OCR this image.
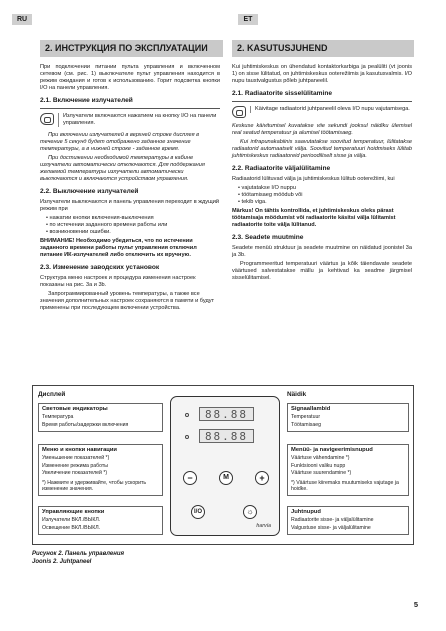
RU	ET
2. ИНСТРУКЦИЯ ПО ЭКСПЛУАТАЦИИ	2. KASUTUSJUHEND

При подключении питании пульта управления и включенном сетевом (см. рис. 1) выключателе пульт управления находится в режим ожидания и готов к использованию. Горит подсветка кнопки I/O на панели управления.

2.1. Включение излучателей
Излучатели включаются нажатием на кнопку I/O на панели управления.

При включении излучателей в верхней строке дисплея в течение 5 секунд будет отображено заданное значение температуры, а в нижней строке - заданное время.

При достижении необходимой температуры в кабине излучатели автоматически отключаются. Для поддержания желаемой температуры излучатели автоматически выключаются и включаются устройством управления.

2.2. Выключение излучателей

Излучатели выключаются и панель управления переходит в ждущий режим при

• нажатии кнопки включения-выключения
• по истечении заданного времени работы или
• возникновении ошибки.

ВНИМАНИЕ! Необходимо убедиться, что по истечении заданного времени работы пульт управления отключил питание ИК-излучателей либо отключить их вручную.

2.3. Изменение заводских установок

Структура меню настроек и процедура изменения настроек показаны на рис. 3а и 3b.

Запрограммированный уровень температуры, а также все значения дополнительных настроек сохраняются в памяти и будут применены при последующем включении устройства.

Kui juhtimiskeskus on ühendatud kontaktorkarbiga ja pealüliti (vt joonis 1) on sisse lülitatud, on juhtimiskeskus ooterežiimis ja kasutusvalmis. I/O nupu taustvalgustus põleb juhtpaneelil.

2.1. Radiaatorite sisselülitamine
Käivitage radiaatorid juhtpaneelil oleva I/O nupu vajutamisega.

Keskuse käivitumisel kuvatakse viie sekundi jooksul näidiku ülemisel real seatud temperatuur ja alumisel töötamisaeg.

Kui infrapunakabiinis saavutatakse soovitud temperatuur, lülitatakse radiaatorid automaatselt välja. Soovitud temperatuuri hoidmiseks lülitab juhtimiskeskus radiaatoreid perioodiliselt sisse ja välja.

2.2. Radiaatorite väljalülitamine

Radiaatorid lülituvad välja ja juhtimiskeskus lülitub ooterežiimi, kui

• vajutatakse I/O nuppu
• töötamisaeg möödub või
• tekib viga.

Märkus! On tähtis kontrollida, et juhtimiskeskus oleks pärast töötamisaja möödumist või radiaatorite käsitsi välja lülitamist radiaatorite toite välja lülitanud.

2.3. Seadete muutmine

Seadete menüü struktuur ja seadete muutmine on näidatud joonistel 3a ja 3b.

Programmeeritud temperatuuri väärtus ja kõik täiendavate seadete väärtused salvestatakse mällu ja kehtivad ka seadme järgmisel sisselülitamisel.

Дисплей
Световые индикаторы
Температура
Время работы/задержки включения
Меню и кнопки навигации
Уменьшение показателей *)
Изменение режима работы
Увеличение показателей *)
*) Нажмите и удерживайте, чтобы ускорить изменение значения.
Управляющие кнопки
Излучатели ВКЛ./ВЫКЛ.
Освещение ВКЛ./ВЫКЛ.
88.88
88.88
−	M	+
I/O	☼
harvia
Näidik
Signaallambid
Temperatuur
Töötamisaeg
Menüü- ja navigeerimisnupud
Väärtuse vähendamine *)
Funktsiooni valiku nupp
Väärtuse suurendamine *)
*) Väärtuse kiiremaks muutumiseks vajutage ja hoidke.
Juhtnupud
Radiaatorite sisse- ja väljalülitamine
Valgustuse sisse- ja väljalülitamine
Рисунок 2. Панель управления
Joonis 2. Juhtpaneel
5
